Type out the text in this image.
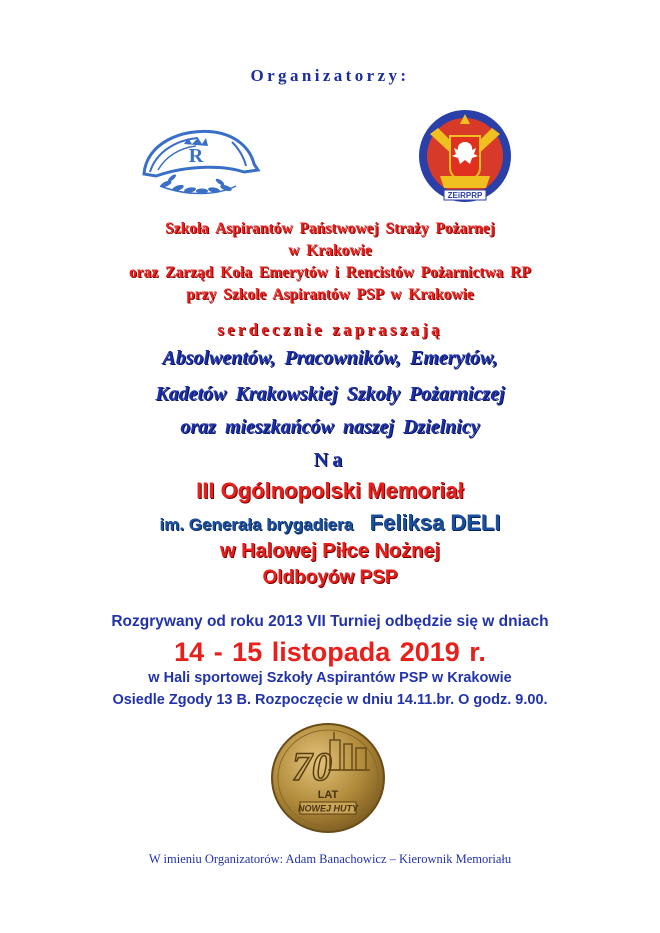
Organizatorzy:
R
ZEiRPRP
Szkoła Aspirantów Państwowej Straży Pożarnej
w Krakowie
oraz Zarząd Koła Emerytów i Rencistów Pożarnictwa RP
przy Szkole Aspirantów PSP w Krakowie
serdecznie zapraszają
Absolwentów, Pracowników, Emerytów,
Kadetów Krakowskiej Szkoły Pożarniczej
oraz mieszkańców naszej Dzielnicy
Na
III Ogólnopolski Memoriał
im. Generała brygadiera Feliksa DELI
w Halowej Piłce Nożnej
Oldboyów PSP
Rozgrywany od roku 2013 VII Turniej odbędzie się w dniach
14 - 15 listopada 2019 r.
w Hali sportowej Szkoły Aspirantów PSP w Krakowie
Osiedle Zgody 13 B. Rozpoczęcie w dniu 14.11.br. O godz. 9.00.
70
LAT
NOWEJ HUTY
W imieniu Organizatorów: Adam Banachowicz – Kierownik Memoriału
